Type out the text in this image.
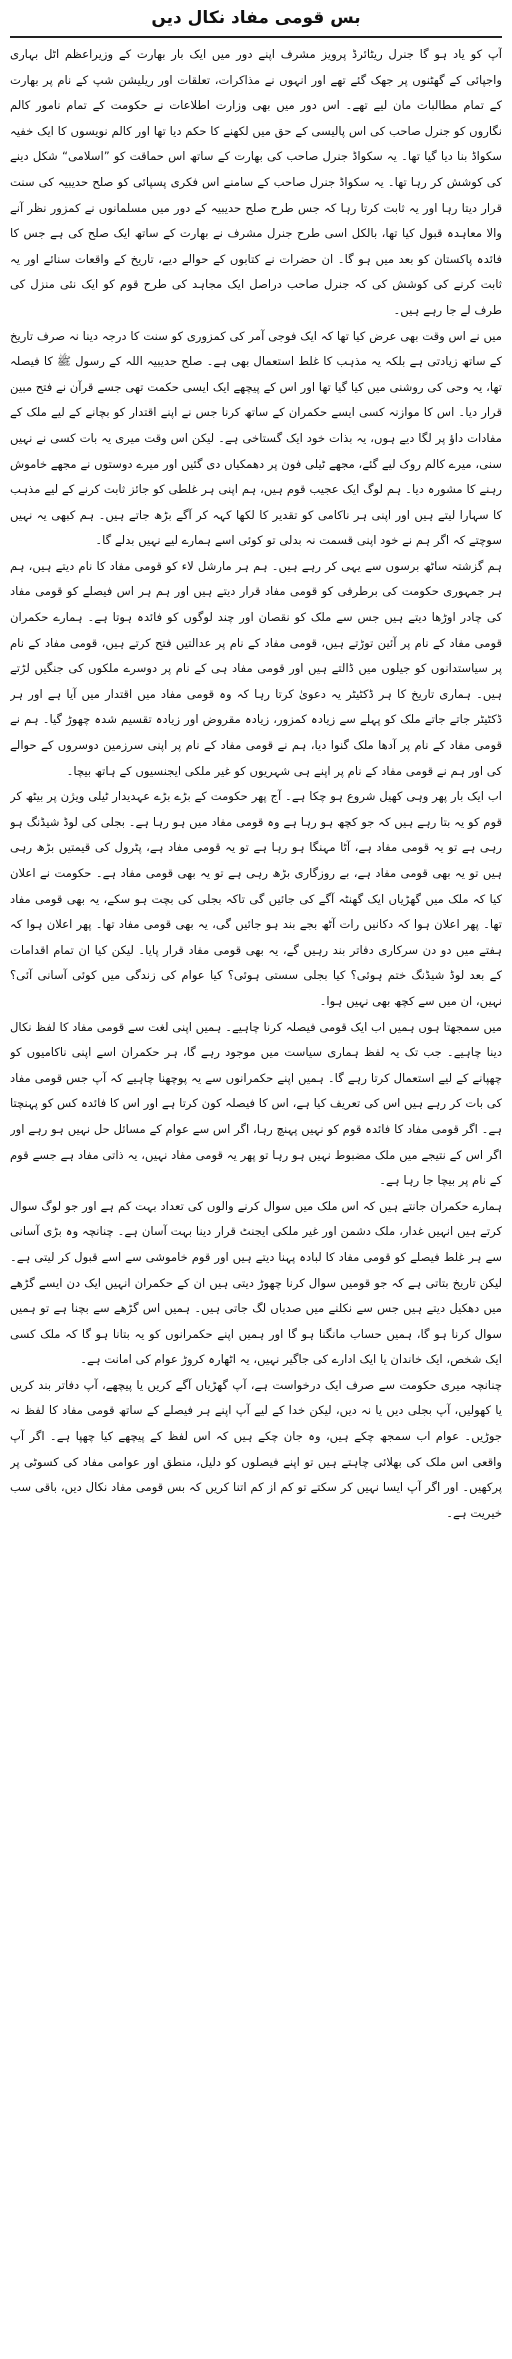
بس قومی مفاد نکال دیں

آپ کو یاد ہو گا جنرل ریٹائرڈ پرویز مشرف اپنے دور میں ایک بار بھارت کے وزیراعظم اٹل بہاری واجپائی کے گھٹنوں پر جھک گئے تھے اور انہوں نے مذاکرات، تعلقات اور ریلیشن شپ کے نام پر بھارت کے تمام مطالبات مان لیے تھے۔ اس دور میں بھی وزارت اطلاعات نے حکومت کے تمام نامور کالم نگاروں کو جنرل صاحب کی اس پالیسی کے حق میں لکھنے کا حکم دیا تھا اور کالم نویسوں کا ایک خفیہ سکواڈ بنا دیا گیا تھا۔ یہ سکواڈ جنرل صاحب کی بھارت کے ساتھ اس حماقت کو ”اسلامی“ شکل دینے کی کوشش کر رہا تھا۔ یہ سکواڈ جنرل صاحب کے سامنے اس فکری پسپائی کو صلح حدیبیہ کی سنت قرار دیتا رہا اور یہ ثابت کرتا رہا کہ جس طرح صلح حدیبیہ کے دور میں مسلمانوں نے کمزور نظر آنے والا معاہدہ قبول کیا تھا، بالکل اسی طرح جنرل مشرف نے بھارت کے ساتھ ایک صلح کی ہے جس کا فائدہ پاکستان کو بعد میں ہو گا۔ ان حضرات نے کتابوں کے حوالے دیے، تاریخ کے واقعات سنائے اور یہ ثابت کرنے کی کوشش کی کہ جنرل صاحب دراصل ایک مجاہد کی طرح قوم کو ایک نئی منزل کی طرف لے جا رہے ہیں۔

میں نے اس وقت بھی عرض کیا تھا کہ ایک فوجی آمر کی کمزوری کو سنت کا درجہ دینا نہ صرف تاریخ کے ساتھ زیادتی ہے بلکہ یہ مذہب کا غلط استعمال بھی ہے۔ صلح حدیبیہ اللہ کے رسول ﷺ کا فیصلہ تھا، یہ وحی کی روشنی میں کیا گیا تھا اور اس کے پیچھے ایک ایسی حکمت تھی جسے قرآن نے فتح مبین قرار دیا۔ اس کا موازنہ کسی ایسے حکمران کے ساتھ کرنا جس نے اپنے اقتدار کو بچانے کے لیے ملک کے مفادات داؤ پر لگا دیے ہوں، یہ بذات خود ایک گستاخی ہے۔ لیکن اس وقت میری یہ بات کسی نے نہیں سنی، میرے کالم روک لیے گئے، مجھے ٹیلی فون پر دھمکیاں دی گئیں اور میرے دوستوں نے مجھے خاموش رہنے کا مشورہ دیا۔ ہم لوگ ایک عجیب قوم ہیں، ہم اپنی ہر غلطی کو جائز ثابت کرنے کے لیے مذہب کا سہارا لیتے ہیں اور اپنی ہر ناکامی کو تقدیر کا لکھا کہہ کر آگے بڑھ جاتے ہیں۔ ہم کبھی یہ نہیں سوچتے کہ اگر ہم نے خود اپنی قسمت نہ بدلی تو کوئی اسے ہمارے لیے نہیں بدلے گا۔

ہم گزشتہ ساٹھ برسوں سے یہی کر رہے ہیں۔ ہم ہر مارشل لاء کو قومی مفاد کا نام دیتے ہیں، ہم ہر جمہوری حکومت کی برطرفی کو قومی مفاد قرار دیتے ہیں اور ہم ہر اس فیصلے کو قومی مفاد کی چادر اوڑھا دیتے ہیں جس سے ملک کو نقصان اور چند لوگوں کو فائدہ ہوتا ہے۔ ہمارے حکمران قومی مفاد کے نام پر آئین توڑتے ہیں، قومی مفاد کے نام پر عدالتیں فتح کرتے ہیں، قومی مفاد کے نام پر سیاستدانوں کو جیلوں میں ڈالتے ہیں اور قومی مفاد ہی کے نام پر دوسرے ملکوں کی جنگیں لڑتے ہیں۔ ہماری تاریخ کا ہر ڈکٹیٹر یہ دعویٰ کرتا رہا کہ وہ قومی مفاد میں اقتدار میں آیا ہے اور ہر ڈکٹیٹر جاتے جاتے ملک کو پہلے سے زیادہ کمزور، زیادہ مقروض اور زیادہ تقسیم شدہ چھوڑ گیا۔ ہم نے قومی مفاد کے نام پر آدھا ملک گنوا دیا، ہم نے قومی مفاد کے نام پر اپنی سرزمین دوسروں کے حوالے کی اور ہم نے قومی مفاد کے نام پر اپنے ہی شہریوں کو غیر ملکی ایجنسیوں کے ہاتھ بیچا۔

اب ایک بار پھر وہی کھیل شروع ہو چکا ہے۔ آج پھر حکومت کے بڑے بڑے عہدیدار ٹیلی ویژن پر بیٹھ کر قوم کو یہ بتا رہے ہیں کہ جو کچھ ہو رہا ہے وہ قومی مفاد میں ہو رہا ہے۔ بجلی کی لوڈ شیڈنگ ہو رہی ہے تو یہ قومی مفاد ہے، آٹا مہنگا ہو رہا ہے تو یہ قومی مفاد ہے، پٹرول کی قیمتیں بڑھ رہی ہیں تو یہ بھی قومی مفاد ہے، بے روزگاری بڑھ رہی ہے تو یہ بھی قومی مفاد ہے۔ حکومت نے اعلان کیا کہ ملک میں گھڑیاں ایک گھنٹہ آگے کی جائیں گی تاکہ بجلی کی بچت ہو سکے، یہ بھی قومی مفاد تھا۔ پھر اعلان ہوا کہ دکانیں رات آٹھ بجے بند ہو جائیں گی، یہ بھی قومی مفاد تھا۔ پھر اعلان ہوا کہ ہفتے میں دو دن سرکاری دفاتر بند رہیں گے، یہ بھی قومی مفاد قرار پایا۔ لیکن کیا ان تمام اقدامات کے بعد لوڈ شیڈنگ ختم ہوئی؟ کیا بجلی سستی ہوئی؟ کیا عوام کی زندگی میں کوئی آسانی آئی؟ نہیں، ان میں سے کچھ بھی نہیں ہوا۔

میں سمجھتا ہوں ہمیں اب ایک قومی فیصلہ کرنا چاہیے۔ ہمیں اپنی لغت سے قومی مفاد کا لفظ نکال دینا چاہیے۔ جب تک یہ لفظ ہماری سیاست میں موجود رہے گا، ہر حکمران اسے اپنی ناکامیوں کو چھپانے کے لیے استعمال کرتا رہے گا۔ ہمیں اپنے حکمرانوں سے یہ پوچھنا چاہیے کہ آپ جس قومی مفاد کی بات کر رہے ہیں اس کی تعریف کیا ہے، اس کا فیصلہ کون کرتا ہے اور اس کا فائدہ کس کو پہنچتا ہے۔ اگر قومی مفاد کا فائدہ قوم کو نہیں پہنچ رہا، اگر اس سے عوام کے مسائل حل نہیں ہو رہے اور اگر اس کے نتیجے میں ملک مضبوط نہیں ہو رہا تو پھر یہ قومی مفاد نہیں، یہ ذاتی مفاد ہے جسے قوم کے نام پر بیچا جا رہا ہے۔

ہمارے حکمران جانتے ہیں کہ اس ملک میں سوال کرنے والوں کی تعداد بہت کم ہے اور جو لوگ سوال کرتے ہیں انہیں غدار، ملک دشمن اور غیر ملکی ایجنٹ قرار دینا بہت آسان ہے۔ چنانچہ وہ بڑی آسانی سے ہر غلط فیصلے کو قومی مفاد کا لبادہ پہنا دیتے ہیں اور قوم خاموشی سے اسے قبول کر لیتی ہے۔ لیکن تاریخ بتاتی ہے کہ جو قومیں سوال کرنا چھوڑ دیتی ہیں ان کے حکمران انہیں ایک دن ایسے گڑھے میں دھکیل دیتے ہیں جس سے نکلنے میں صدیاں لگ جاتی ہیں۔ ہمیں اس گڑھے سے بچنا ہے تو ہمیں سوال کرنا ہو گا، ہمیں حساب مانگنا ہو گا اور ہمیں اپنے حکمرانوں کو یہ بتانا ہو گا کہ ملک کسی ایک شخص، ایک خاندان یا ایک ادارے کی جاگیر نہیں، یہ اٹھارہ کروڑ عوام کی امانت ہے۔

چنانچہ میری حکومت سے صرف ایک درخواست ہے، آپ گھڑیاں آگے کریں یا پیچھے، آپ دفاتر بند کریں یا کھولیں، آپ بجلی دیں یا نہ دیں، لیکن خدا کے لیے آپ اپنے ہر فیصلے کے ساتھ قومی مفاد کا لفظ نہ جوڑیں۔ عوام اب سمجھ چکے ہیں، وہ جان چکے ہیں کہ اس لفظ کے پیچھے کیا چھپا ہے۔ اگر آپ واقعی اس ملک کی بھلائی چاہتے ہیں تو اپنے فیصلوں کو دلیل، منطق اور عوامی مفاد کی کسوٹی پر پرکھیں۔ اور اگر آپ ایسا نہیں کر سکتے تو کم از کم اتنا کریں کہ بس قومی مفاد نکال دیں، باقی سب خیریت ہے۔
